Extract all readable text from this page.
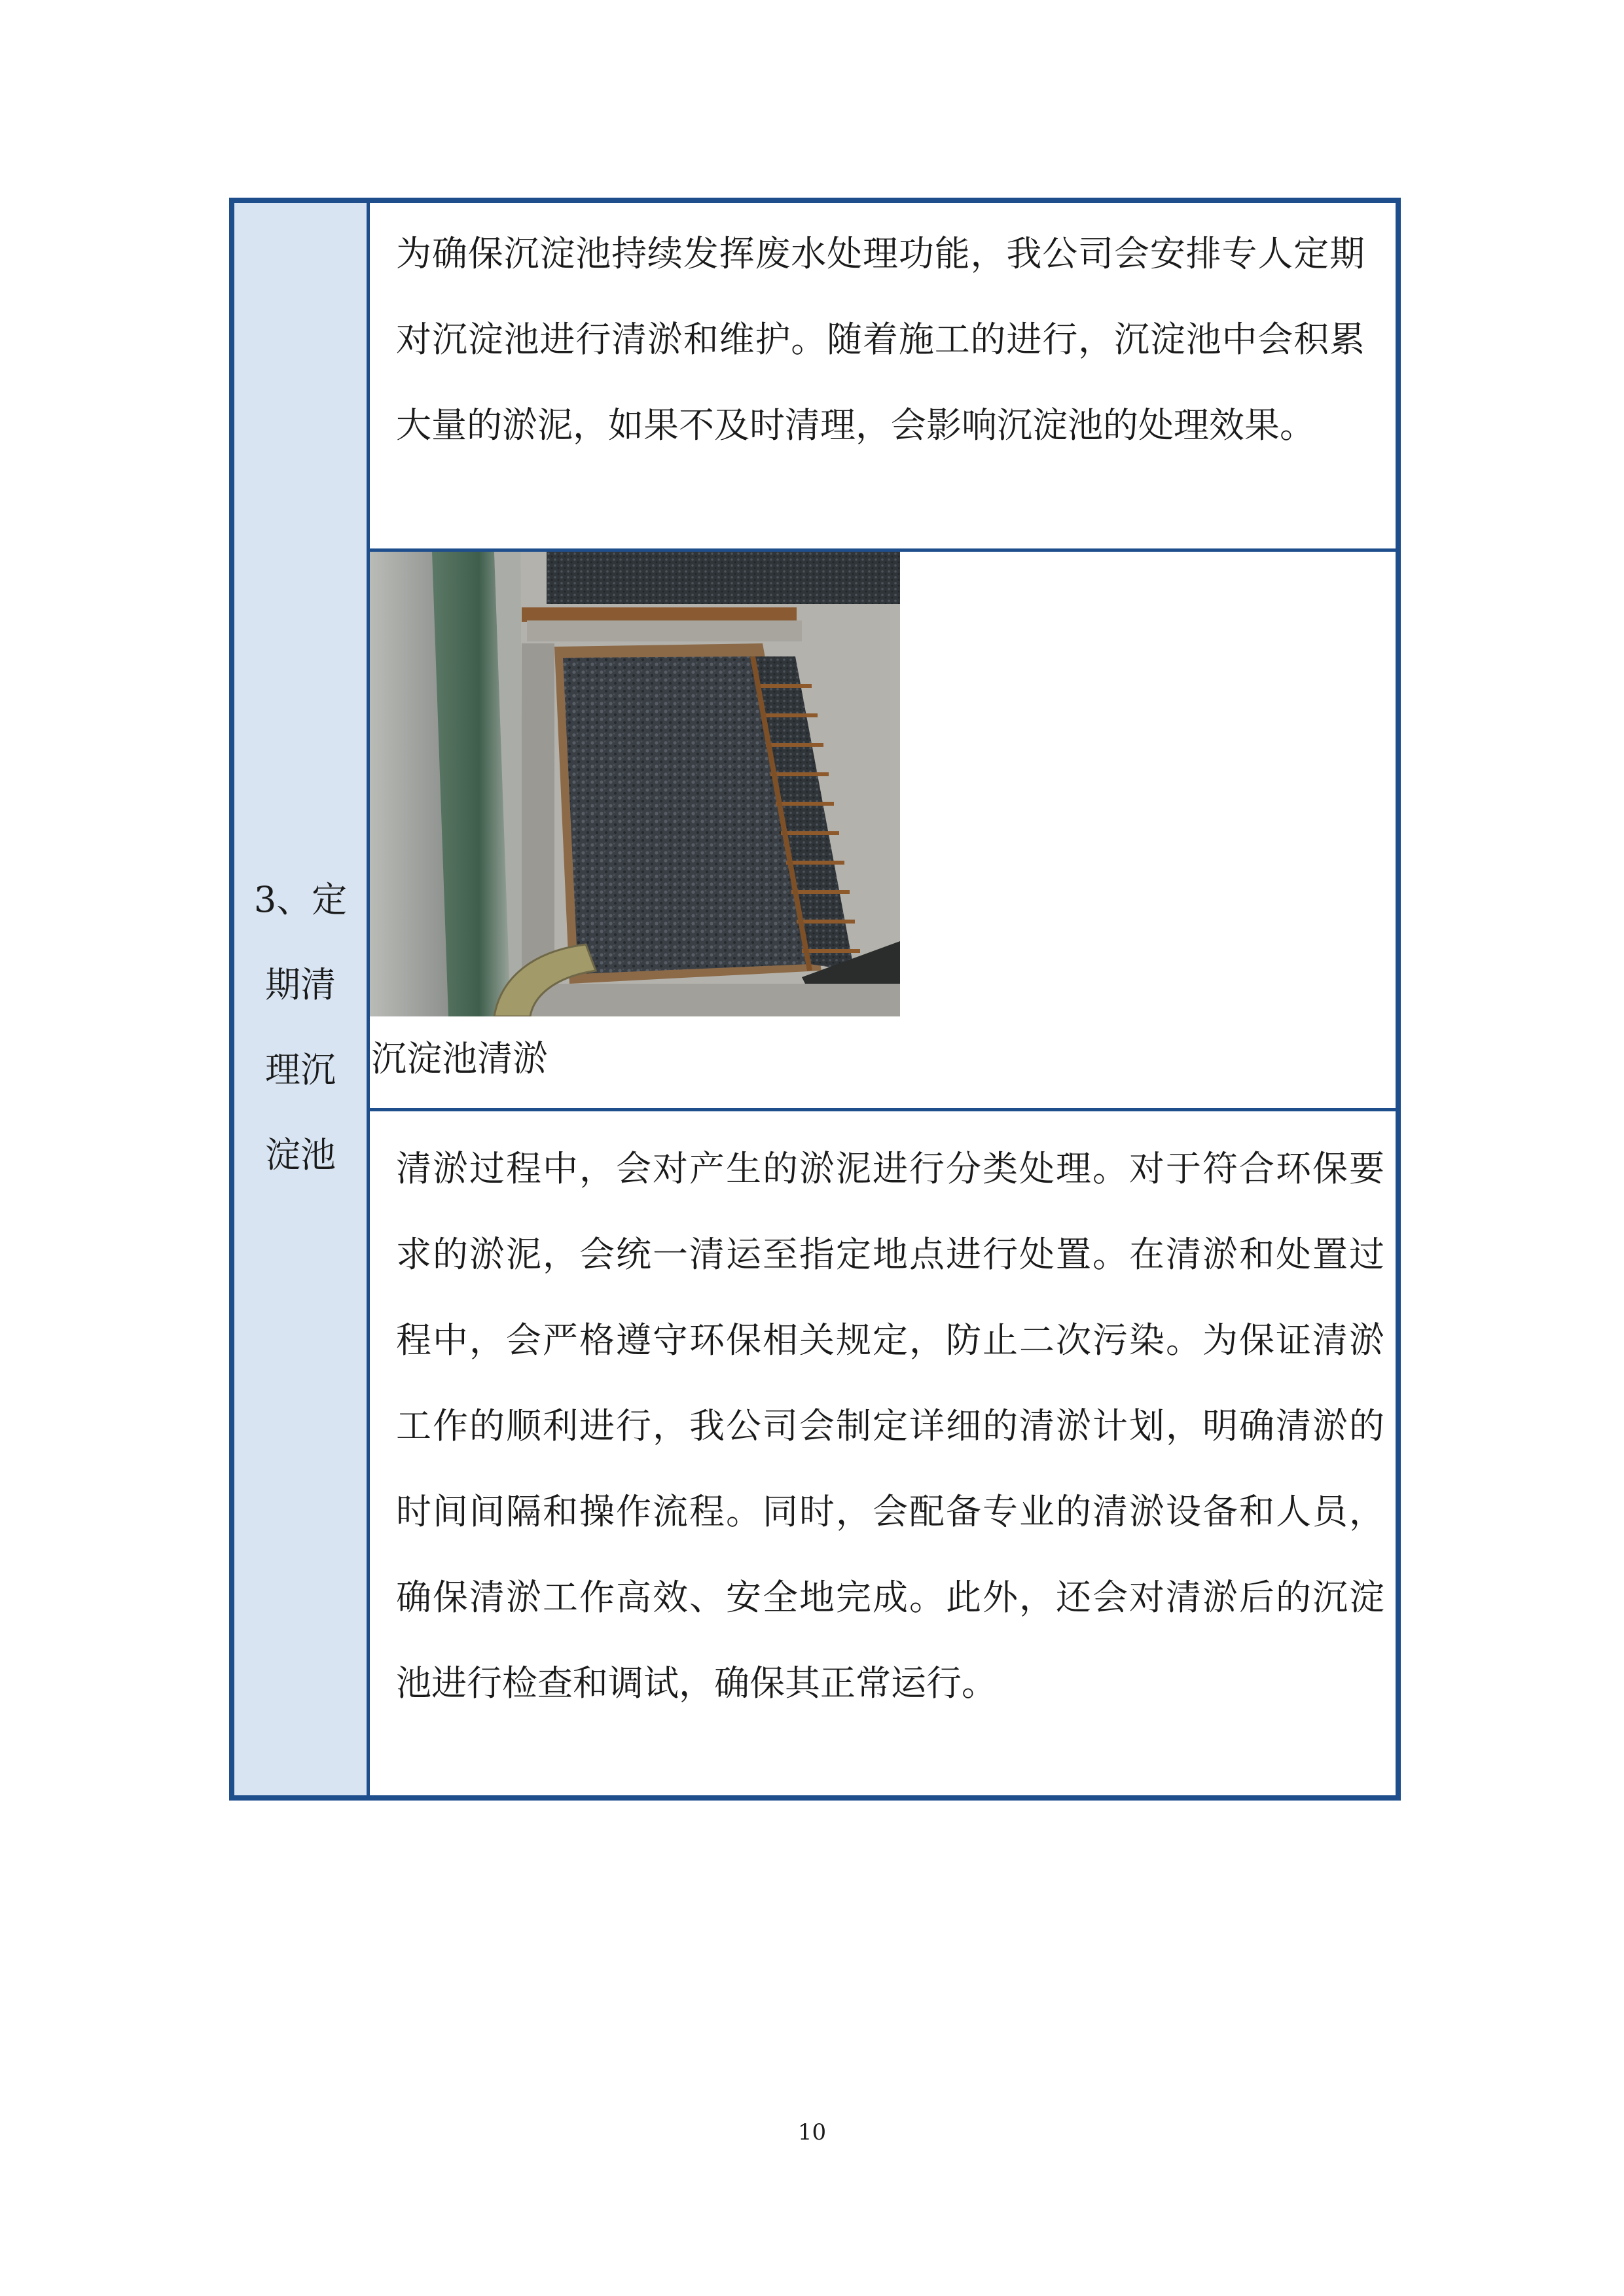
3、定
期清
理沉
淀池

为确保沉淀池持续发挥废水处理功能，我公司会安排专人定期对沉淀池进行清淤和维护。随着施工的进行，沉淀池中会积累大量的淤泥，如果不及时清理，会影响沉淀池的处理效果。

沉淀池清淤

清淤过程中，会对产生的淤泥进行分类处理。对于符合环保要求的淤泥，会统一清运至指定地点进行处置。在清淤和处置过程中，会严格遵守环保相关规定，防止二次污染。为保证清淤工作的顺利进行，我公司会制定详细的清淤计划，明确清淤的时间间隔和操作流程。同时，会配备专业的清淤设备和人员，确保清淤工作高效、安全地完成。此外，还会对清淤后的沉淀池进行检查和调试，确保其正常运行。

10
